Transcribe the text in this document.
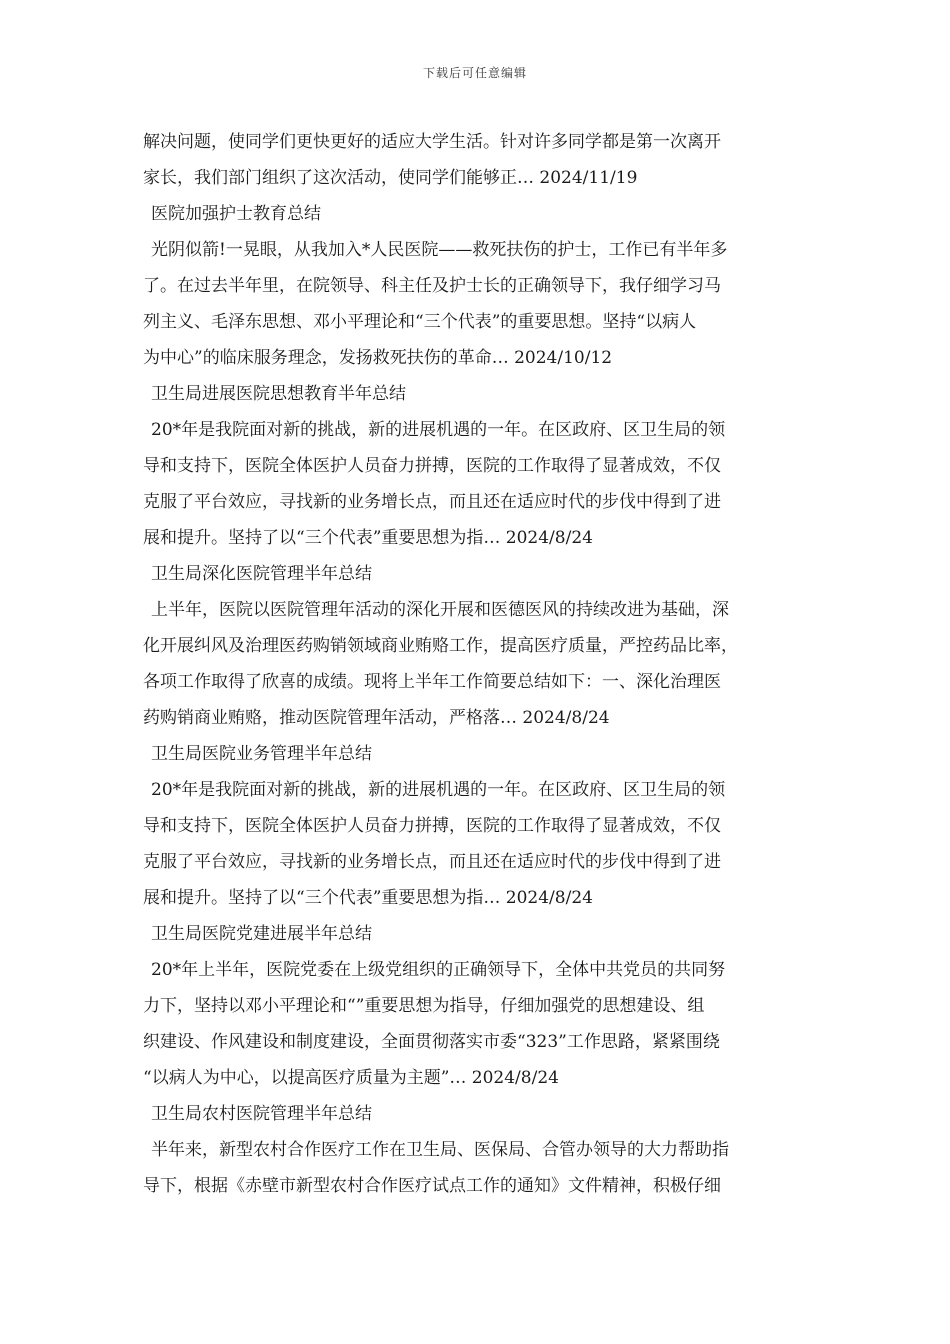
下载后可任意编辑
解决问题，使同学们更快更好的适应大学生活。针对许多同学都是第一次离开
家长，我们部门组织了这次活动，使同学们能够正… 2024/11/19
医院加强护士教育总结
光阴似箭!一晃眼，从我加入*人民医院——救死扶伤的护士，工作已有半年多
了。在过去半年里，在院领导、科主任及护士长的正确领导下，我仔细学习马
列主义、毛泽东思想、邓小平理论和“三个代表”的重要思想。坚持“以病人
为中心”的临床服务理念，发扬救死扶伤的革命… 2024/10/12
卫生局进展医院思想教育半年总结
20*年是我院面对新的挑战，新的进展机遇的一年。在区政府、区卫生局的领
导和支持下，医院全体医护人员奋力拼搏，医院的工作取得了显著成效，不仅
克服了平台效应，寻找新的业务增长点，而且还在适应时代的步伐中得到了进
展和提升。坚持了以“三个代表”重要思想为指… 2024/8/24
卫生局深化医院管理半年总结
上半年，医院以医院管理年活动的深化开展和医德医风的持续改进为基础，深
化开展纠风及治理医药购销领域商业贿赂工作，提高医疗质量，严控药品比率，
各项工作取得了欣喜的成绩。现将上半年工作简要总结如下：一、深化治理医
药购销商业贿赂，推动医院管理年活动，严格落… 2024/8/24
卫生局医院业务管理半年总结
20*年是我院面对新的挑战，新的进展机遇的一年。在区政府、区卫生局的领
导和支持下，医院全体医护人员奋力拼搏，医院的工作取得了显著成效，不仅
克服了平台效应，寻找新的业务增长点，而且还在适应时代的步伐中得到了进
展和提升。坚持了以“三个代表”重要思想为指… 2024/8/24
卫生局医院党建进展半年总结
20*年上半年，医院党委在上级党组织的正确领导下，全体中共党员的共同努
力下，坚持以邓小平理论和“”重要思想为指导，仔细加强党的思想建设、组
织建设、作风建设和制度建设，全面贯彻落实市委“323”工作思路，紧紧围绕
“以病人为中心，以提高医疗质量为主题”… 2024/8/24
卫生局农村医院管理半年总结
半年来，新型农村合作医疗工作在卫生局、医保局、合管办领导的大力帮助指
导下，根据《赤壁市新型农村合作医疗试点工作的通知》文件精神，积极仔细
